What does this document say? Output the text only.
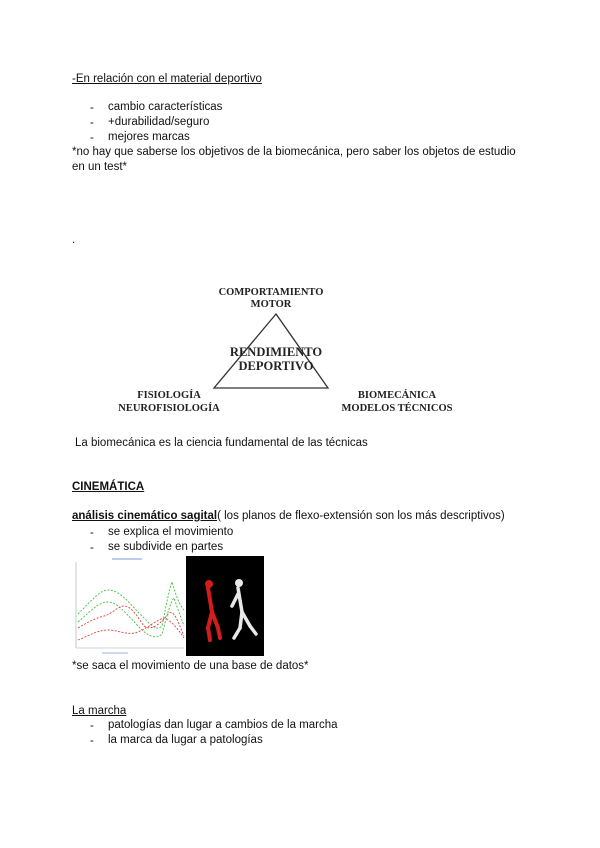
-En relación con el material deportivo
- cambio características
- +durabilidad/seguro
- mejores marcas
*no hay que saberse los objetivos de la biomecánica, pero saber los objetos de estudio en un test*
.
COMPORTAMIENTO
MOTOR
RENDIMIENTO
DEPORTIVO
FISIOLOGÍA
NEUROFISIOLOGÍA
BIOMECÁNICA
MODELOS TÉCNICOS
La biomecánica es la ciencia fundamental de las técnicas
CINEMÁTICA
análisis cinemático sagital( los planos de flexo-extensión son los más descriptivos)
- se explica el movimiento
- se subdivide en partes
*se saca el movimiento de una base de datos*
La marcha
- patologías dan lugar a cambios de la marcha
- la marca da lugar a patologías
